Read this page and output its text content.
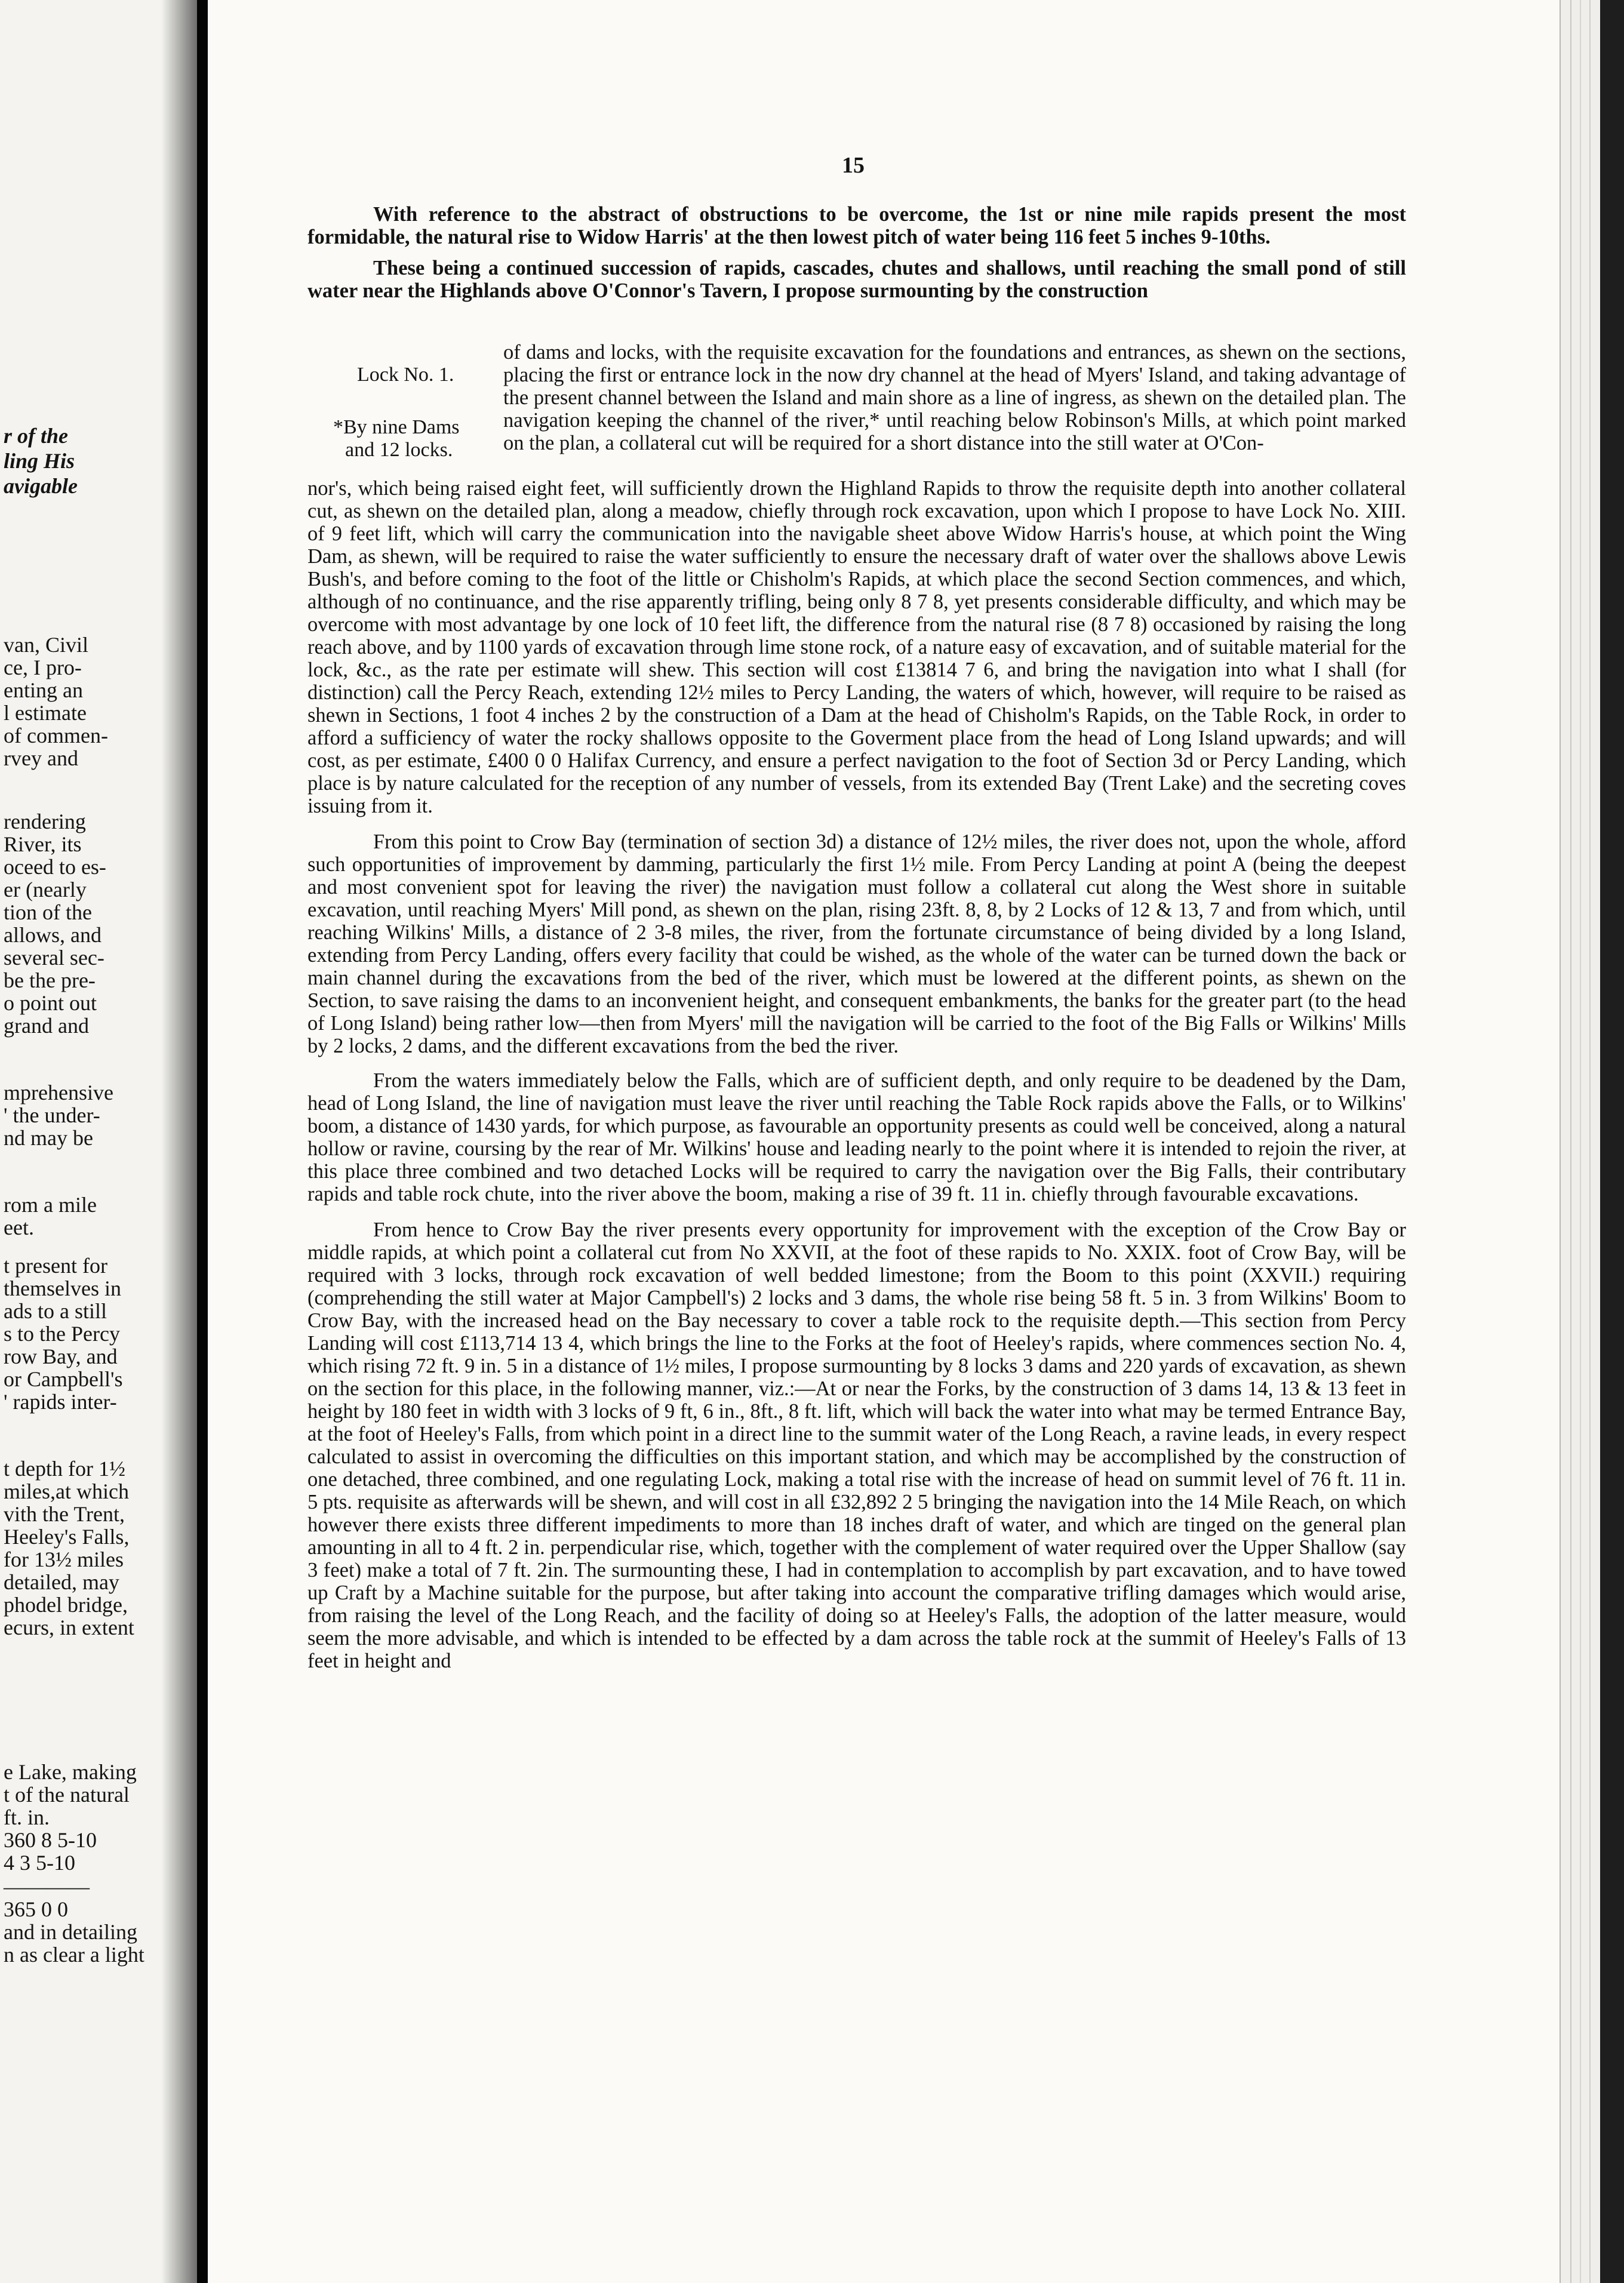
r of the
ling His
avigable
van, Civil
ce, I pro-
enting an
l estimate
of commen-
rvey and
rendering
River, its
oceed to es-
er (nearly
tion of the
allows, and
several sec-
be the pre-
o point out
grand and
mprehensive
' the under-
nd may be
rom a mile
eet.
t present for
themselves in
ads to a still
s to the Percy
row Bay, and
or Campbell's
' rapids inter-
t depth for 1½
miles,at which
vith the Trent,
Heeley's Falls,
for 13½ miles
detailed, may
phodel bridge,
ecurs, in extent
e Lake, making
t of the natural
ft. in.
360 8 5-10
4 3 5-10
————
365 0 0
and in detailing
n as clear a light
15

With reference to the abstract of obstructions to be overcome, the 1st or nine mile rapids present the most formidable, the natural rise to Widow Harris' at the then lowest pitch of water being 116 feet 5 inches 9-10ths.

These being a continued succession of rapids, cascades, chutes and shallows, until reaching the small pond of still water near the Highlands above O'Connor's Tavern, I propose surmounting by the construction

Lock No. 1.
*By nine Dams
and 12 locks.
of dams and locks, with the requisite excavation for the foundations and entrances, as shewn on the sections, placing the first or entrance lock in the now dry channel at the head of Myers' Island, and taking advantage of the present channel between the Island and main shore as a line of ingress, as shewn on the detailed plan. The navigation keeping the channel of the river,* until reaching below Robinson's Mills, at which point marked on the plan, a collateral cut will be required for a short distance into the still water at O'Con-

nor's, which being raised eight feet, will sufficiently drown the Highland Rapids to throw the requisite depth into another collateral cut, as shewn on the detailed plan, along a meadow, chiefly through rock excavation, upon which I propose to have Lock No. XIII. of 9 feet lift, which will carry the communication into the navigable sheet above Widow Harris's house, at which point the Wing Dam, as shewn, will be required to raise the water sufficiently to ensure the necessary draft of water over the shallows above Lewis Bush's, and before coming to the foot of the little or Chisholm's Rapids, at which place the second Section commences, and which, although of no continuance, and the rise apparently trifling, being only 8 7 8, yet presents considerable difficulty, and which may be overcome with most advantage by one lock of 10 feet lift, the difference from the natural rise (8 7 8) occasioned by raising the long reach above, and by 1100 yards of excavation through lime stone rock, of a nature easy of excavation, and of suitable material for the lock, &c., as the rate per estimate will shew. This section will cost £13814 7 6, and bring the navigation into what I shall (for distinction) call the Percy Reach, extending 12½ miles to Percy Landing, the waters of which, however, will require to be raised as shewn in Sections, 1 foot 4 inches 2 by the construction of a Dam at the head of Chisholm's Rapids, on the Table Rock, in order to afford a sufficiency of water the rocky shallows opposite to the Goverment place from the head of Long Island upwards; and will cost, as per estimate, £400 0 0 Halifax Currency, and ensure a perfect navigation to the foot of Section 3d or Percy Landing, which place is by nature calculated for the reception of any number of vessels, from its extended Bay (Trent Lake) and the secreting coves issuing from it.

From this point to Crow Bay (termination of section 3d) a distance of 12½ miles, the river does not, upon the whole, afford such opportunities of improvement by damming, particularly the first 1½ mile. From Percy Landing at point A (being the deepest and most convenient spot for leaving the river) the navigation must follow a collateral cut along the West shore in suitable excavation, until reaching Myers' Mill pond, as shewn on the plan, rising 23ft. 8, 8, by 2 Locks of 12 & 13, 7 and from which, until reaching Wilkins' Mills, a distance of 2 3-8 miles, the river, from the fortunate circumstance of being divided by a long Island, extending from Percy Landing, offers every facility that could be wished, as the whole of the water can be turned down the back or main channel during the excavations from the bed of the river, which must be lowered at the different points, as shewn on the Section, to save raising the dams to an inconvenient height, and consequent embankments, the banks for the greater part (to the head of Long Island) being rather low—then from Myers' mill the navigation will be carried to the foot of the Big Falls or Wilkins' Mills by 2 locks, 2 dams, and the different excavations from the bed the river.

From the waters immediately below the Falls, which are of sufficient depth, and only require to be deadened by the Dam, head of Long Island, the line of navigation must leave the river until reaching the Table Rock rapids above the Falls, or to Wilkins' boom, a distance of 1430 yards, for which purpose, as favourable an opportunity presents as could well be conceived, along a natural hollow or ravine, coursing by the rear of Mr. Wilkins' house and leading nearly to the point where it is intended to rejoin the river, at this place three combined and two detached Locks will be required to carry the navigation over the Big Falls, their contributary rapids and table rock chute, into the river above the boom, making a rise of 39 ft. 11 in. chiefly through favourable excavations.

From hence to Crow Bay the river presents every opportunity for improvement with the exception of the Crow Bay or middle rapids, at which point a collateral cut from No XXVII, at the foot of these rapids to No. XXIX. foot of Crow Bay, will be required with 3 locks, through rock excavation of well bedded limestone; from the Boom to this point (XXVII.) requiring (comprehending the still water at Major Campbell's) 2 locks and 3 dams, the whole rise being 58 ft. 5 in. 3 from Wilkins' Boom to Crow Bay, with the increased head on the Bay necessary to cover a table rock to the requisite depth.—This section from Percy Landing will cost £113,714 13 4, which brings the line to the Forks at the foot of Heeley's rapids, where commences section No. 4, which rising 72 ft. 9 in. 5 in a distance of 1½ miles, I propose surmounting by 8 locks 3 dams and 220 yards of excavation, as shewn on the section for this place, in the following manner, viz.:—At or near the Forks, by the construction of 3 dams 14, 13 & 13 feet in height by 180 feet in width with 3 locks of 9 ft, 6 in., 8ft., 8 ft. lift, which will back the water into what may be termed Entrance Bay, at the foot of Heeley's Falls, from which point in a direct line to the summit water of the Long Reach, a ravine leads, in every respect calculated to assist in overcoming the difficulties on this important station, and which may be accomplished by the construction of one detached, three combined, and one regulating Lock, making a total rise with the increase of head on summit level of 76 ft. 11 in. 5 pts. requisite as afterwards will be shewn, and will cost in all £32,892 2 5 bringing the navigation into the 14 Mile Reach, on which however there exists three different impediments to more than 18 inches draft of water, and which are tinged on the general plan amounting in all to 4 ft. 2 in. perpendicular rise, which, together with the complement of water required over the Upper Shallow (say 3 feet) make a total of 7 ft. 2in. The surmounting these, I had in contemplation to accomplish by part excavation, and to have towed up Craft by a Machine suitable for the purpose, but after taking into account the comparative trifling damages which would arise, from raising the level of the Long Reach, and the facility of doing so at Heeley's Falls, the adoption of the latter measure, would seem the more advisable, and which is intended to be effected by a dam across the table rock at the summit of Heeley's Falls of 13 feet in height and
